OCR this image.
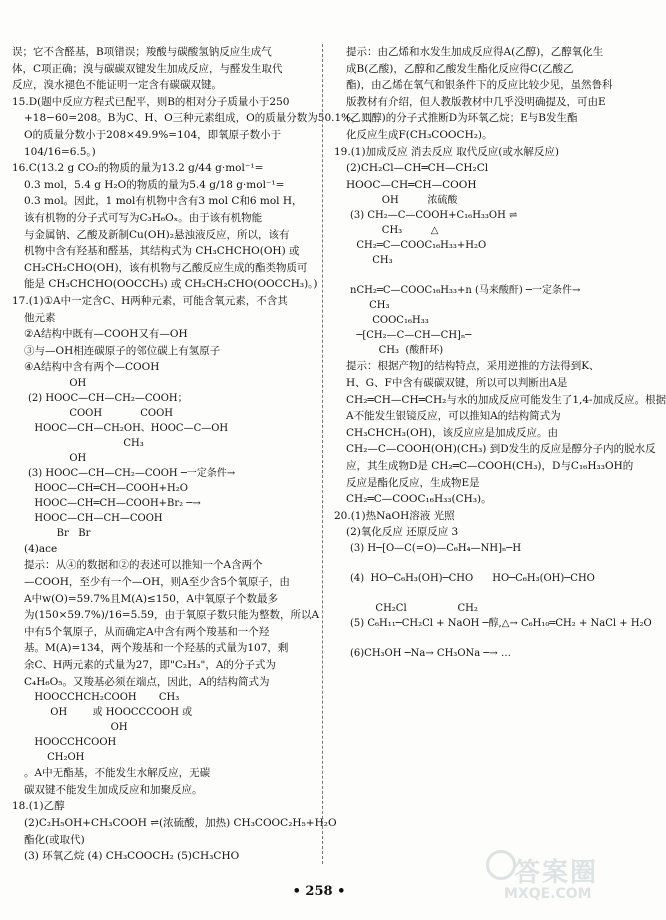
误；它不含醛基，B项错误；羧酸与碳酸氢钠反应生成气
体，C项正确；溴与碳碳双键发生加成反应，与醛发生取代
反应，溴水褪色不能证明一定含有碳碳双键。
15.D(题中反应方程式已配平，则B的相对分子质量小于250
+18−60=208。B为C、H、O三种元素组成，O的质量分数为50.1%，则
O的质量分数小于208×49.9%=104，即氧原子数小于
104/16=6.5。)
16.C(13.2 g CO₂的物质的量为13.2 g/44 g·mol⁻¹=
0.3 mol，5.4 g H₂O的物质的量为5.4 g/18 g·mol⁻¹=
0.3 mol。因此，1 mol有机物中含有3 mol C和6 mol H，
该有机物的分子式可写为C₃H₆Oₓ。由于该有机物能
与金属钠、乙酸及新制Cu(OH)₂悬浊液反应，所以，该有
机物中含有羟基和醛基，其结构式为 CH₃CHCHO(OH) 或
CH₂CH₂CHO(OH)，该有机物与乙酸反应生成的酯类物质可
能是 CH₃CHCHO(OOCCH₃) 或 CH₂CH₂CHO(OOCCH₃)。)
17.(1)①A中一定含C、H两种元素，可能含氧元素，不含其
他元素
②A结构中既有—COOH又有—OH
③与—OH相连碳原子的邻位碳上有氢原子
④A结构中含有两个—COOH
OH
(2) HOOC—CH—CH₂—COOH；
COOH            COOH
HOOC—CH—CH₂OH、HOOC—C—OH
CH₃
OH
(3) HOOC—CH—CH₂—COOH ─一定条件→
HOOC—CH═CH—COOH+H₂O
HOOC—CH═CH—COOH+Br₂ ─→
HOOC—CH—CH—COOH
Br   Br
(4)ace
提示：从④的数据和②的表述可以推知一个A含两个
—COOH，至少有一个—OH，则A至少含5个氧原子，由
A中w(O)=59.7%且M(A)≤150，A中氧原子个数最多
为(150×59.7%)/16=5.59，由于氧原子数只能为整数，所以A
中有5个氧原子，从而确定A中含有两个羧基和一个羟
基。M(A)=134，两个羧基和一个羟基的式量为107，剩
余C、H两元素的式量为27，即"C₂H₃"，A的分子式为
C₄H₆O₅。又羧基必须在端点，因此，A的结构简式为
HOOCCHCH₂COOH       CH₃
OH        或 HOOCCCOOH 或
OH
HOOCCHCOOH
CH₂OH
。A中无酯基，不能发生水解反应，无碳
碳双键不能发生加成反应和加聚反应。
18.(1)乙醇
(2)C₂H₅OH+CH₃COOH ⇌(浓硫酸，加热) CH₃COOC₂H₅+H₂O
酯化(或取代)
(3) 环氧乙烷 (4) CH₃COOCH₂ (5)CH₃CHO
提示：由乙烯和水发生加成反应得A(乙醇)，乙醇氧化生
成B(乙酸)，乙醇和乙酸发生酯化反应得C(乙酸乙
酯)，由乙烯在氧气和银条件下的反应比较少见，虽然鲁科
版教材有介绍，但人教版教材中几乎没明确提及，可由E
(乙二醇)的分子式推断D为环氧乙烷；E与B发生酯
化反应生成F(CH₃COOCH₂)。
19.(1)加成反应 消去反应 取代反应(或水解反应)
(2)CH₂Cl—CH═CH—CH₂Cl
HOOC—CH═CH—COOH
OH         浓硫酸
(3) CH₂—C—COOH+C₁₆H₃₃OH ⇌
CH₃         △
CH₂═C—COOC₁₆H₃₃+H₂O
CH₃

nCH₂═C—COOC₁₆H₃₃+n (马来酸酐) ─一定条件→
CH₃
COOC₁₆H₃₃
─[CH₂—C—CH—CH]ₙ─
CH₃  (酸酐环)
提示：根据产物J的结构特点，采用逆推的方法得到K、
H、G、F中含有碳碳双键，所以可以判断出A是
CH₂═CH—CH═CH₂与水的加成反应可能发生了1,4-加成反应。根据
A不能发生银镜反应，可以推知A的结构简式为
CH₃CHCH₃(OH)，该反应应是加成反应。由
CH₂—C—COOH(OH)(CH₃) 到D发生的反应是醇分子内的脱水反
应，其生成物D是 CH₂═C—COOH(CH₃)，D与C₁₆H₃₃OH的
反应是酯化反应，生成物E是
CH₂═C—COOC₁₆H₃₃(CH₃)。
20.(1)热NaOH溶液 光照
(2)氧化反应 还原反应 3
(3) H─[O—C(=O)—C₆H₄—NH]ₙ─H

(4)  HO─C₆H₃(OH)─CHO      HO─C₆H₃(OH)─CHO

CH₂Cl                CH₂
(5) C₆H₁₁─CH₂Cl + NaOH ─醇,△→ C₆H₁₀═CH₂ + NaCl + H₂O

(6)CH₃OH ─Na→ CH₃ONa ─→ …
• 258 •
答案圈
MXQE.COM
